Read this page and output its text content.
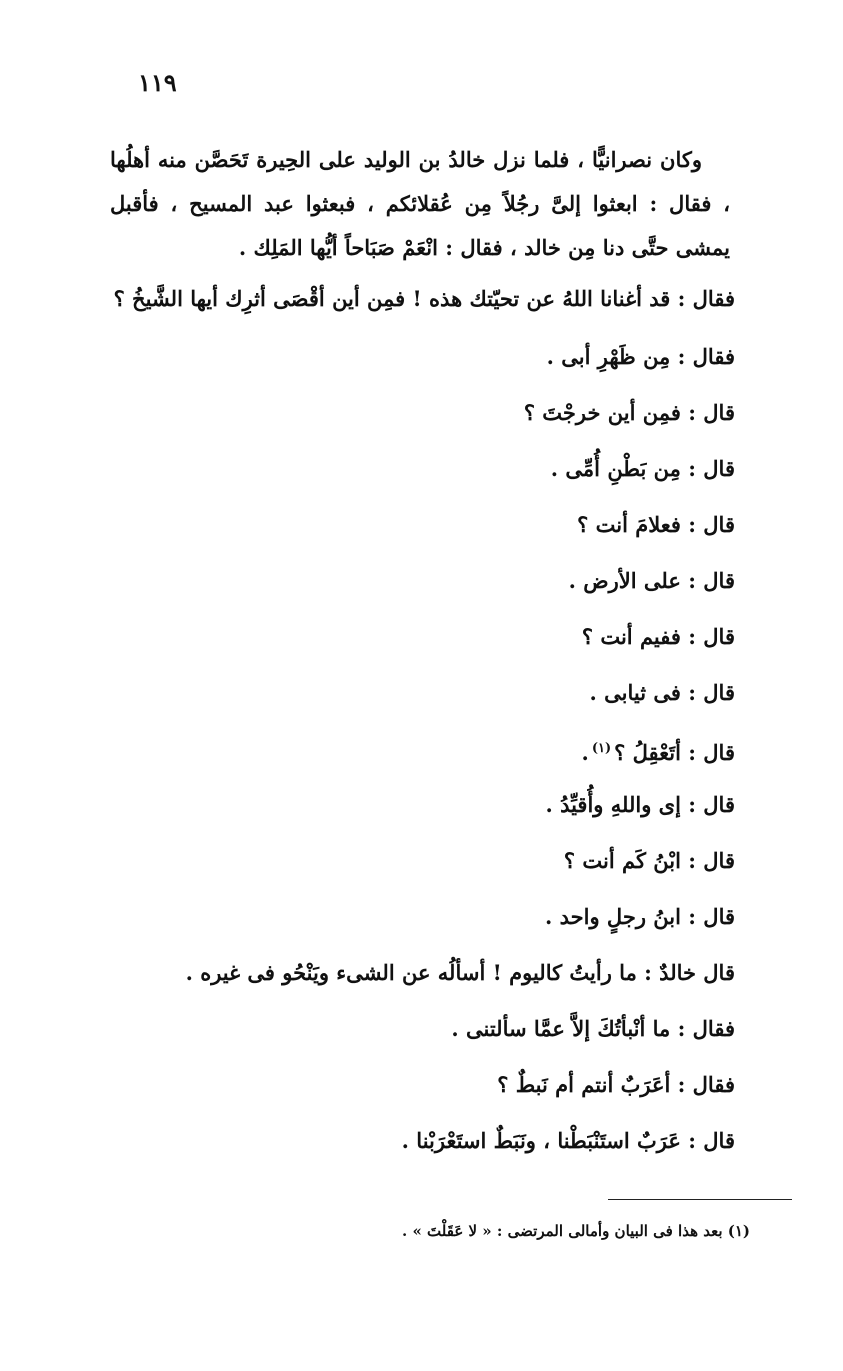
١١٩
وكان نصرانيًّا ، فلما نزل خالدُ بن الوليد على الحِيرة تَحَصَّن منه أهلُها ، فقال : ابعثوا إلىَّ رجُلاً مِن عُقلائكم ، فبعثوا عبد المسيح ، فأقبل يمشى حتَّى دنا مِن خالد ، فقال : انْعَمْ صَبَاحاً أيُّها المَلِك .
فقال : قد أغنانا اللهُ عن تحيّتك هذه ! فمِن أين أقْصَى أثرِك أيها الشَّيخُ ؟
فقال : مِن ظَهْرِ أبى .
قال : فمِن أين خرجْتَ ؟
قال : مِن بَطْنِ أُمِّى .
قال : فعلامَ أنت ؟
قال : على الأرض .
قال : ففيم أنت ؟
قال : فى ثيابى .
قال : أتَعْقِلُ ؟$^{(١)}$.
قال : إى واللهِ وأُقيِّدُ .
قال : ابْنُ كَم أنت ؟
قال : ابنُ رجلٍ واحد .
قال خالدٌ : ما رأيتُ كاليوم ! أسألُه عن الشىء ويَنْحُو فى غيره .
فقال : ما أنْبأتُكَ إلاَّ عمَّا سألتنى .
فقال : أعَرَبٌ أنتم أم نَبطٌ ؟
قال : عَرَبٌ استَنْبَطْنا ، ونَبَطٌ استَعْرَبْنا .
(١) بعد هذا فى البيان وأمالى المرتضى : « لا عَقَلْتَ » .
